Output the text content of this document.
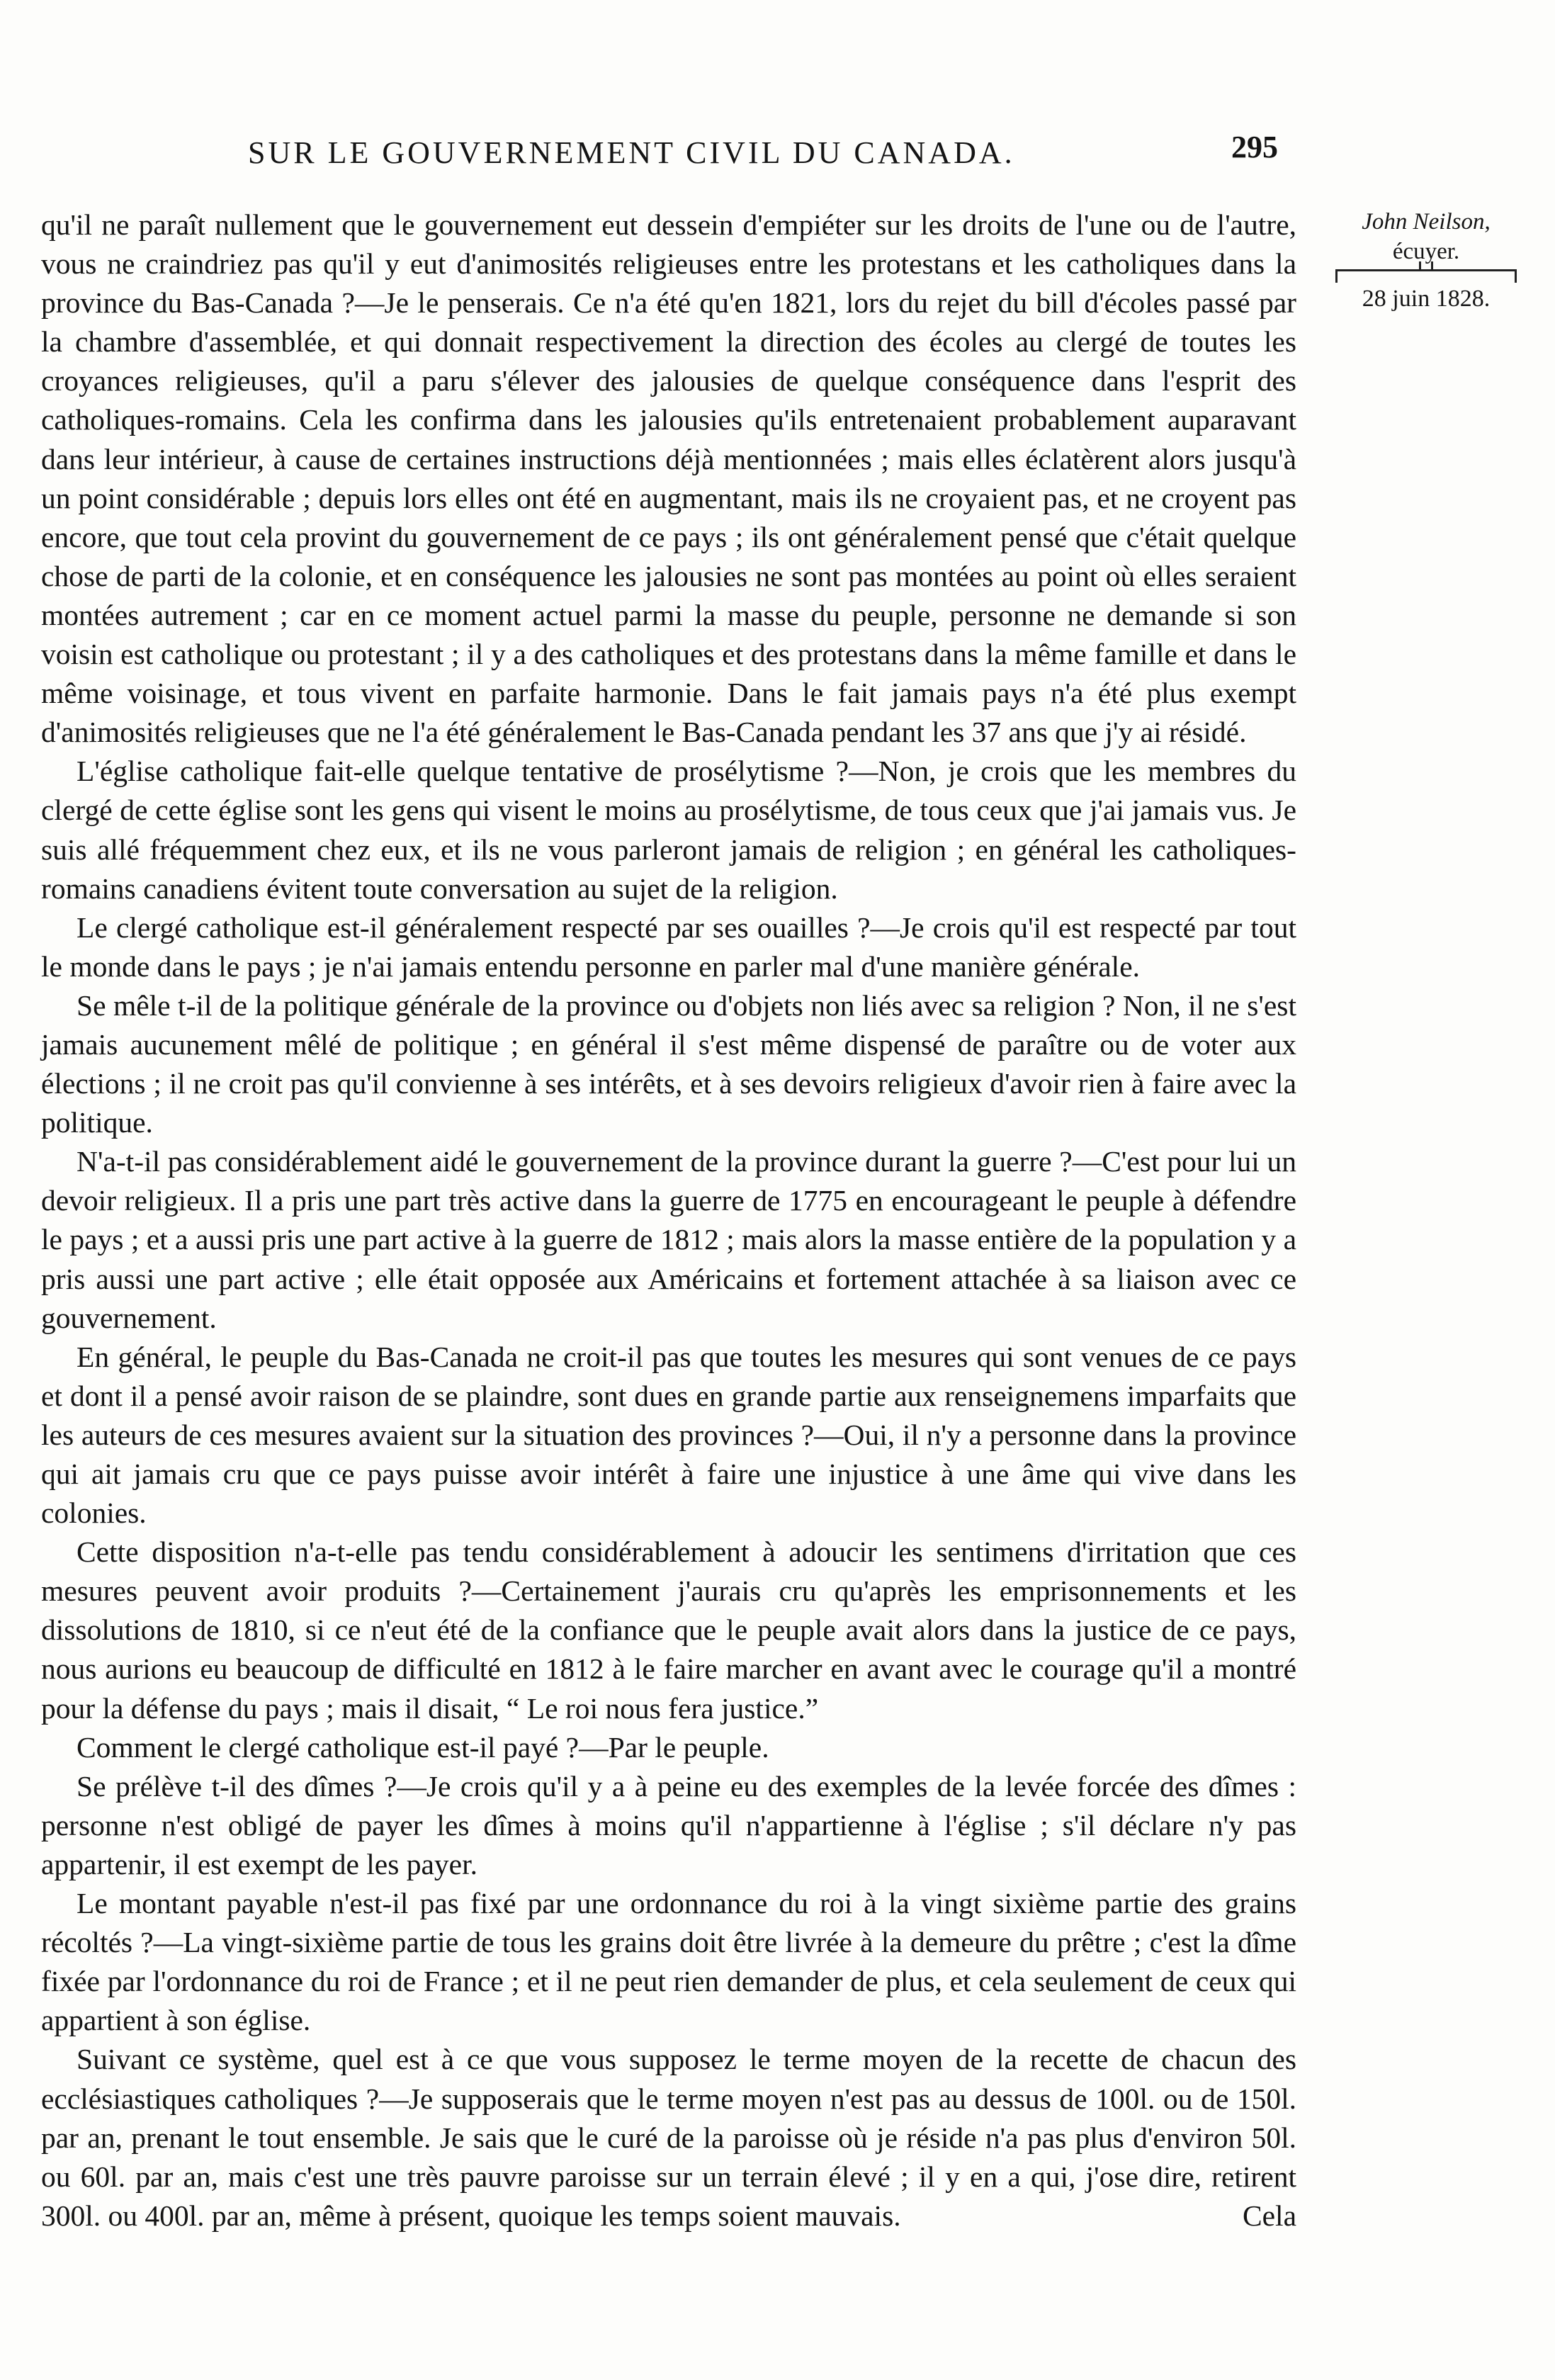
SUR LE GOUVERNEMENT CIVIL DU CANADA.	295
John Neilson,
écuyer.
28 juin 1828.

qu'il ne paraît nullement que le gouvernement eut dessein d'empiéter sur les droits de l'une ou de l'autre, vous ne craindriez pas qu'il y eut d'animosités religieuses entre les protestans et les catholiques dans la province du Bas-Canada ?—Je le penserais. Ce n'a été qu'en 1821, lors du rejet du bill d'écoles passé par la chambre d'assemblée, et qui donnait respectivement la direction des écoles au clergé de toutes les croyances religieuses, qu'il a paru s'élever des jalousies de quelque conséquence dans l'esprit des catholiques-romains. Cela les confirma dans les jalousies qu'ils entretenaient probablement auparavant dans leur intérieur, à cause de certaines instructions déjà mentionnées ; mais elles éclatèrent alors jusqu'à un point considérable ; depuis lors elles ont été en augmentant, mais ils ne croyaient pas, et ne croyent pas encore, que tout cela provint du gouvernement de ce pays ; ils ont généralement pensé que c'était quelque chose de parti de la colonie, et en conséquence les jalousies ne sont pas montées au point où elles seraient montées autrement ; car en ce moment actuel parmi la masse du peuple, personne ne demande si son voisin est catholique ou protestant ; il y a des catholiques et des protestans dans la même famille et dans le même voisinage, et tous vivent en parfaite harmonie. Dans le fait jamais pays n'a été plus exempt d'animosités religieuses que ne l'a été généralement le Bas-Canada pendant les 37 ans que j'y ai résidé.

L'église catholique fait-elle quelque tentative de prosélytisme ?—Non, je crois que les membres du clergé de cette église sont les gens qui visent le moins au prosélytisme, de tous ceux que j'ai jamais vus. Je suis allé fréquemment chez eux, et ils ne vous parleront jamais de religion ; en général les catholiques-romains canadiens évitent toute conversation au sujet de la religion.

Le clergé catholique est-il généralement respecté par ses ouailles ?—Je crois qu'il est respecté par tout le monde dans le pays ; je n'ai jamais entendu personne en parler mal d'une manière générale.

Se mêle t-il de la politique générale de la province ou d'objets non liés avec sa religion ? Non, il ne s'est jamais aucunement mêlé de politique ; en général il s'est même dispensé de paraître ou de voter aux élections ; il ne croit pas qu'il convienne à ses intérêts, et à ses devoirs religieux d'avoir rien à faire avec la politique.

N'a-t-il pas considérablement aidé le gouvernement de la province durant la guerre ?—C'est pour lui un devoir religieux. Il a pris une part très active dans la guerre de 1775 en encourageant le peuple à défendre le pays ; et a aussi pris une part active à la guerre de 1812 ; mais alors la masse entière de la population y a pris aussi une part active ; elle était opposée aux Américains et fortement attachée à sa liaison avec ce gouvernement.

En général, le peuple du Bas-Canada ne croit-il pas que toutes les mesures qui sont venues de ce pays et dont il a pensé avoir raison de se plaindre, sont dues en grande partie aux renseignemens imparfaits que les auteurs de ces mesures avaient sur la situation des provinces ?—Oui, il n'y a personne dans la province qui ait jamais cru que ce pays puisse avoir intérêt à faire une injustice à une âme qui vive dans les colonies.

Cette disposition n'a-t-elle pas tendu considérablement à adoucir les sentimens d'irritation que ces mesures peuvent avoir produits ?—Certainement j'aurais cru qu'après les emprisonnements et les dissolutions de 1810, si ce n'eut été de la confiance que le peuple avait alors dans la justice de ce pays, nous aurions eu beaucoup de difficulté en 1812 à le faire marcher en avant avec le courage qu'il a montré pour la défense du pays ; mais il disait, “ Le roi nous fera justice.”

Comment le clergé catholique est-il payé ?—Par le peuple.

Se prélève t-il des dîmes ?—Je crois qu'il y a à peine eu des exemples de la levée forcée des dîmes : personne n'est obligé de payer les dîmes à moins qu'il n'appartienne à l'église ; s'il déclare n'y pas appartenir, il est exempt de les payer.

Le montant payable n'est-il pas fixé par une ordonnance du roi à la vingt sixième partie des grains récoltés ?—La vingt-sixième partie de tous les grains doit être livrée à la demeure du prêtre ; c'est la dîme fixée par l'ordonnance du roi de France ; et il ne peut rien demander de plus, et cela seulement de ceux qui appartient à son église.

Suivant ce système, quel est à ce que vous supposez le terme moyen de la recette de chacun des ecclésiastiques catholiques ?—Je supposerais que le terme moyen n'est pas au dessus de 100l. ou de 150l. par an, prenant le tout ensemble. Je sais que le curé de la paroisse où je réside n'a pas plus d'environ 50l. ou 60l. par an, mais c'est une très pauvre paroisse sur un terrain élevé ; il y en a qui, j'ose dire, retirent 300l. ou 400l. par an, même à présent, quoique les temps soient mauvais.	Cela
